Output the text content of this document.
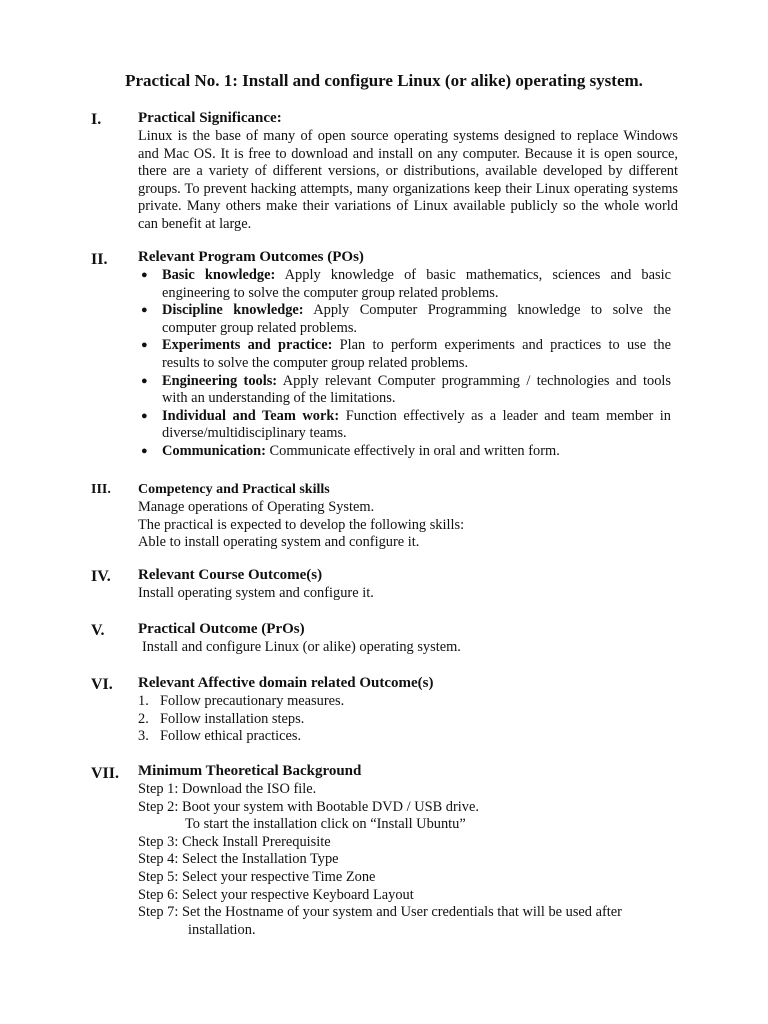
Practical No. 1: Install and configure Linux (or alike) operating system.
I. Practical Significance:
Linux is the base of many of open source operating systems designed to replace Windows and Mac OS. It is free to download and install on any computer. Because it is open source, there are a variety of different versions, or distributions, available developed by different groups. To prevent hacking attempts, many organizations keep their Linux operating systems private. Many others make their variations of Linux available publicly so the whole world can benefit at large.
II. Relevant Program Outcomes (POs)
● Basic knowledge: Apply knowledge of basic mathematics, sciences and basic engineering to solve the computer group related problems.
● Discipline knowledge: Apply Computer Programming knowledge to solve the computer group related problems.
● Experiments and practice: Plan to perform experiments and practices to use the results to solve the computer group related problems.
● Engineering tools: Apply relevant Computer programming / technologies and tools with an understanding of the limitations.
● Individual and Team work: Function effectively as a leader and team member in diverse/multidisciplinary teams.
● Communication: Communicate effectively in oral and written form.
III. Competency and Practical skills
Manage operations of Operating System.
The practical is expected to develop the following skills:
Able to install operating system and configure it.
IV. Relevant Course Outcome(s)
Install operating system and configure it.
V. Practical Outcome (PrOs)
Install and configure Linux (or alike) operating system.
VI. Relevant Affective domain related Outcome(s)
1. Follow precautionary measures.
2. Follow installation steps.
3. Follow ethical practices.
VII. Minimum Theoretical Background
Step 1: Download the ISO file.
Step 2: Boot your system with Bootable DVD / USB drive.
To start the installation click on “Install Ubuntu”
Step 3: Check Install Prerequisite
Step 4: Select the Installation Type
Step 5: Select your respective Time Zone
Step 6: Select your respective Keyboard Layout
Step 7: Set the Hostname of your system and User credentials that will be used after
installation.
